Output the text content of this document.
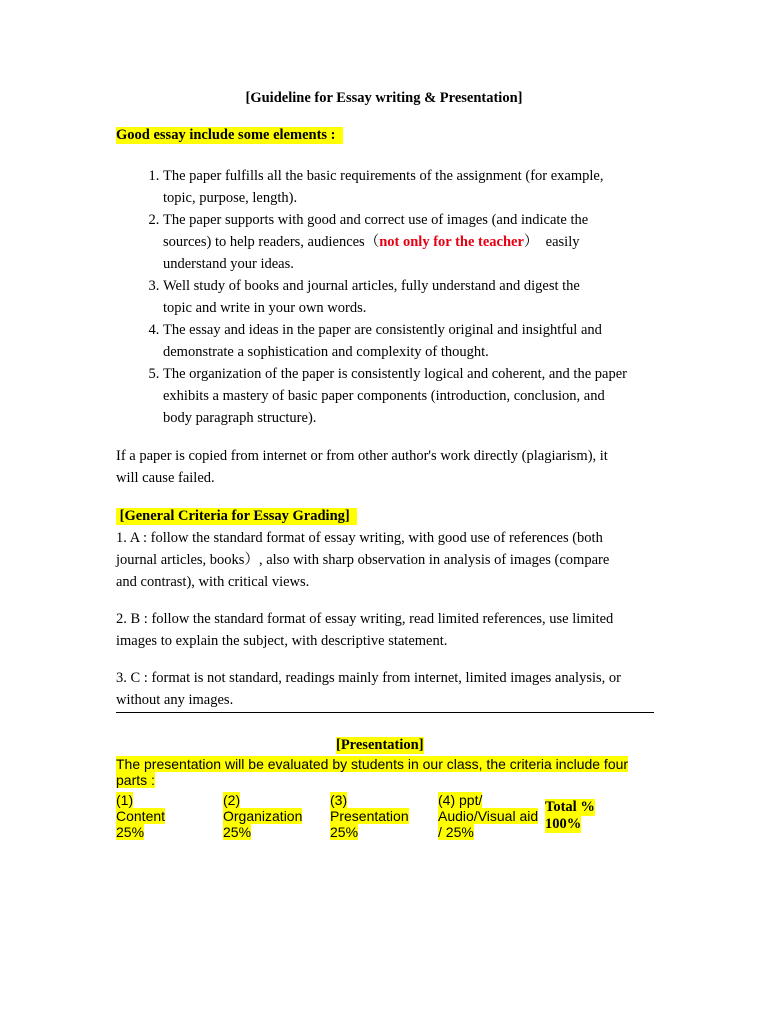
[Guideline for Essay writing & Presentation]
Good essay include some elements :
1. The paper fulfills all the basic requirements of the assignment (for example,
topic, purpose, length).
2. The paper supports with good and correct use of images (and indicate the
sources) to help readers, audiences（not only for the teacher） easily
understand your ideas.
3. Well study of books and journal articles, fully understand and digest the
topic and write in your own words.
4. The essay and ideas in the paper are consistently original and insightful and
demonstrate a sophistication and complexity of thought.
5. The organization of the paper is consistently logical and coherent, and the paper
exhibits a mastery of basic paper components (introduction, conclusion, and
body paragraph structure).
If a paper is copied from internet or from other author's work directly (plagiarism), it
will cause failed.
[General Criteria for Essay Grading]
1. A : follow the standard format of essay writing, with good use of references (both
journal articles, books）, also with sharp observation in analysis of images (compare
and contrast), with critical views.
2. B : follow the standard format of essay writing, read limited references, use limited
images to explain the subject, with descriptive statement.
3. C : format is not standard, readings mainly from internet, limited images analysis, or
without any images.
[Presentation]
The presentation will be evaluated by students in our class, the criteria include four
parts :
(1)
Content
25%
(2)
Organization
25%
(3)
Presentation
25%
(4) ppt/
Audio/Visual aid
/ 25%
Total %
100%
